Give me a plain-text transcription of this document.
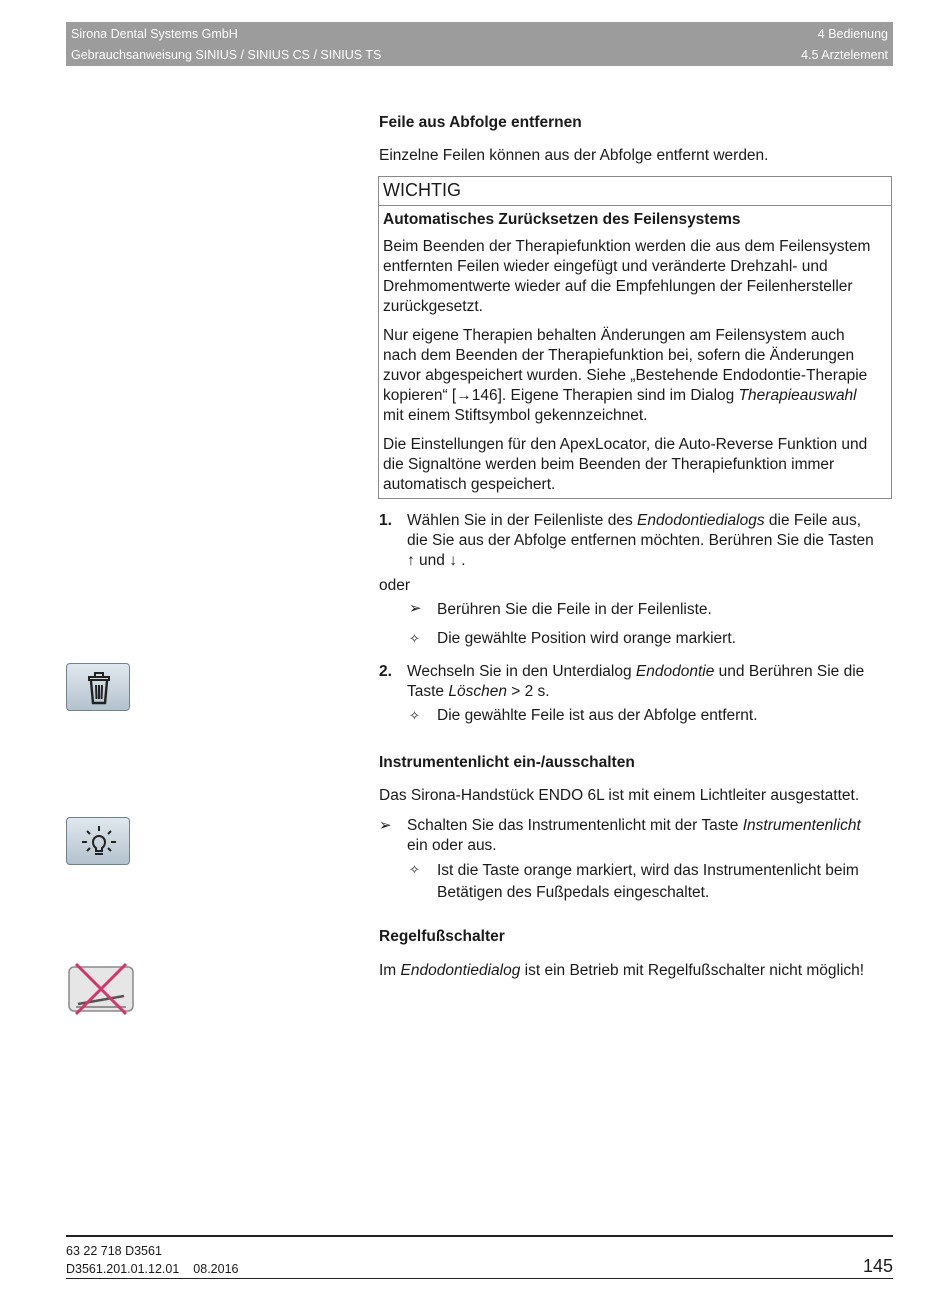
Sirona Dental Systems GmbH
Gebrauchsanweisung SINIUS / SINIUS CS / SINIUS TS
4 Bedienung
4.5 Arztelement
Feile aus Abfolge entfernen
Einzelne Feilen können aus der Abfolge entfernt werden.
WICHTIG
Automatisches Zurücksetzen des Feilensystems

Beim Beenden der Therapiefunktion werden die aus dem Feilensystem
entfernten Feilen wieder eingefügt und veränderte Drehzahl- und
Drehmomentwerte wieder auf die Empfehlungen der Feilenhersteller
zurückgesetzt.

Nur eigene Therapien behalten Änderungen am Feilensystem auch
nach dem Beenden der Therapiefunktion bei, sofern die Änderungen
zuvor abgespeichert wurden. Siehe „Bestehende Endodontie-Therapie
kopieren“ [→146]. Eigene Therapien sind im Dialog Therapieauswahl
mit einem Stiftsymbol gekennzeichnet.

Die Einstellungen für den ApexLocator, die Auto-Reverse Funktion und
die Signaltöne werden beim Beenden der Therapiefunktion immer
automatisch gespeichert.

1. Wählen Sie in der Feilenliste des Endodontiedialogs die Feile aus,
die Sie aus der Abfolge entfernen möchten. Berühren Sie die Tasten
↑ und ↓ .
oder
➢ Berühren Sie die Feile in der Feilenliste.
✧ Die gewählte Position wird orange markiert.
2. Wechseln Sie in den Unterdialog Endodontie und Berühren Sie die
Taste Löschen > 2 s.
✧ Die gewählte Feile ist aus der Abfolge entfernt.
Instrumentenlicht ein-/ausschalten
Das Sirona-Handstück ENDO 6L ist mit einem Lichtleiter ausgestattet.
➢ Schalten Sie das Instrumentenlicht mit der Taste Instrumentenlicht
ein oder aus.
✧ Ist die Taste orange markiert, wird das Instrumentenlicht beim
Betätigen des Fußpedals eingeschaltet.
Regelfußschalter
Im Endodontiedialog ist ein Betrieb mit Regelfußschalter nicht möglich!
63 22 718 D3561
D3561.201.01.12.01 08.2016	145
